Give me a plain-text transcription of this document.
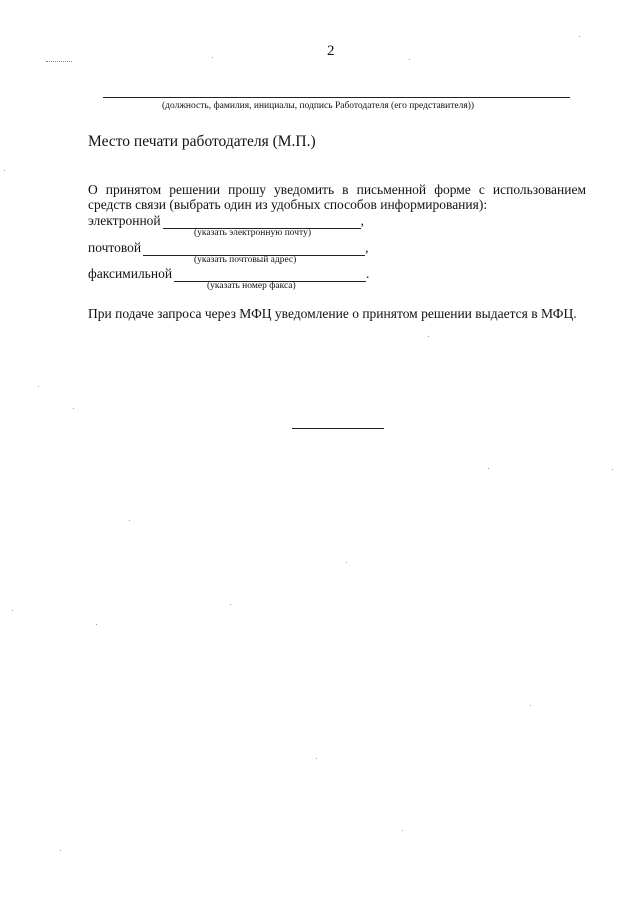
2
(должность, фамилия, инициалы, подпись Работодателя (его представителя))
Место печати работодателя (М.П.)
О принятом решении прошу уведомить в письменной форме с использованием средств связи (выбрать один из удобных способов информирования):
электронной	,
(указать электронную почту)
почтовой	,
(указать почтовый адрес)
факсимильной	.
(указать номер факса)
При подаче запроса через МФЦ уведомление о принятом решении выдается в МФЦ.
